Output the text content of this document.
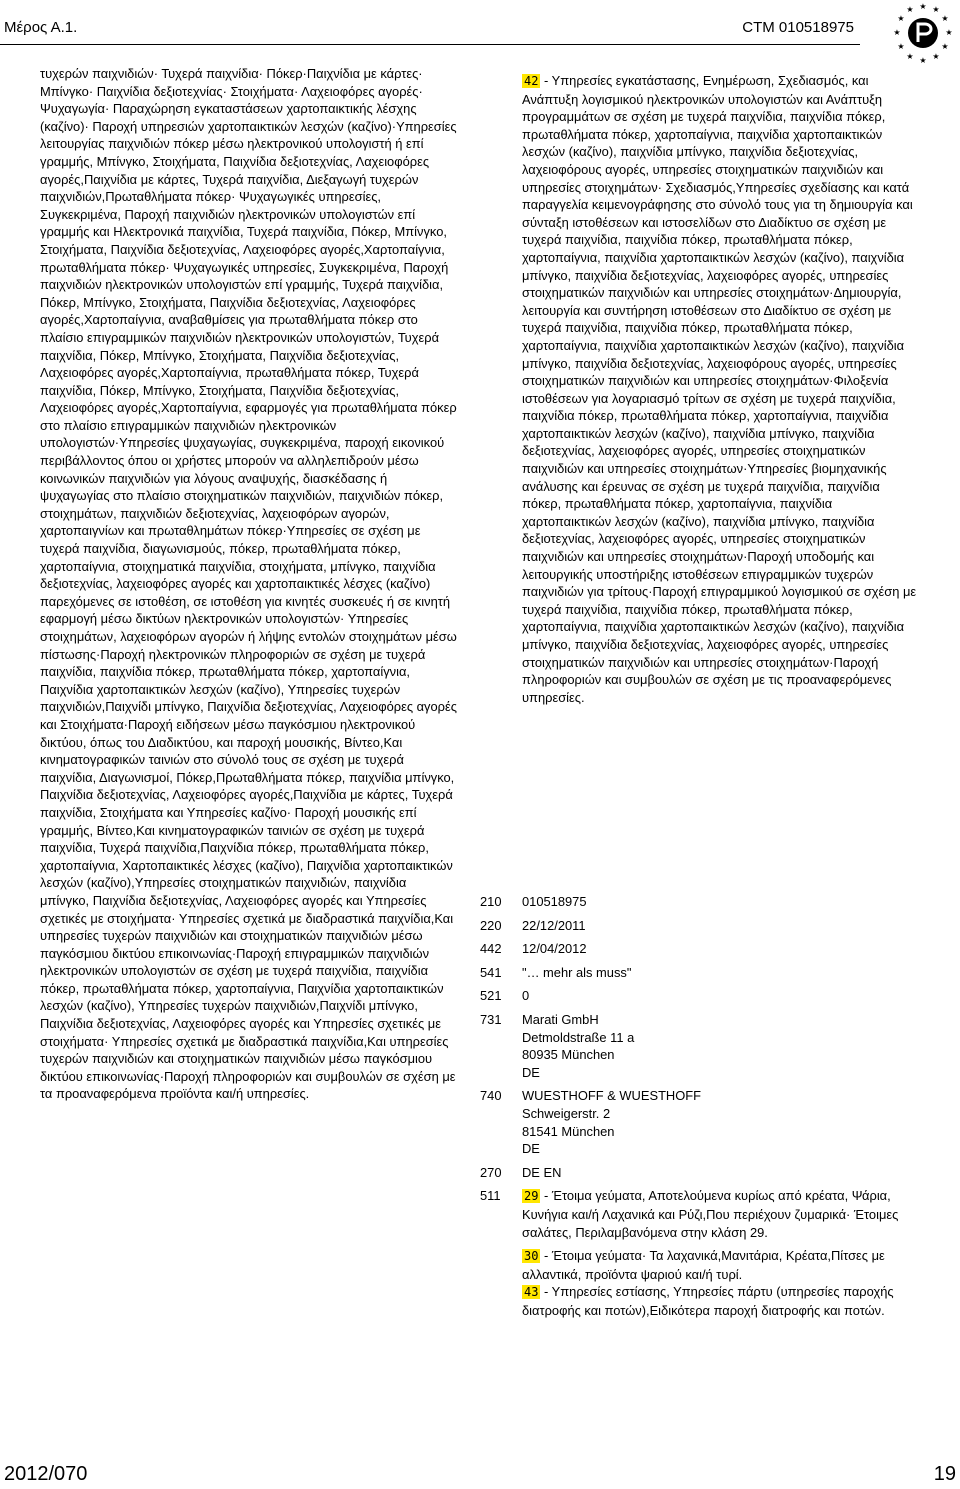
Μέρος Α.1.	CTM 010518975
★ ★
★
★
★
★
★
★
★
★
★
★

τυχερών παιχνιδιών· Τυχερά παιχνίδια· Πόκερ·Παιχνίδια με κάρτες· Μπίνγκο· Παιχνίδια δεξιοτεχνίας· Στοιχήματα· Λαχειοφόρες αγορές· Ψυχαγωγία· Παραχώρηση εγκαταστάσεων χαρτοπαικτικής λέσχης (καζίνο)· Παροχή υπηρεσιών χαρτοπαικτικών λεσχών (καζίνο)·Υπηρεσίες λειτουργίας παιχνιδιών πόκερ μέσω ηλεκτρονικού υπολογιστή ή επί γραμμής, Μπίνγκο, Στοιχήματα, Παιχνίδια δεξιοτεχνίας, Λαχειοφόρες αγορές,Παιχνίδια με κάρτες, Τυχερά παιχνίδια, Διεξαγωγή τυχερών παιχνιδιών,Πρωταθλήματα πόκερ· Ψυχαγωγικές υπηρεσίες, Συγκεκριμένα, Παροχή παιχνιδιών ηλεκτρονικών υπολογιστών επί γραμμής και Ηλεκτρονικά παιχνίδια, Τυχερά παιχνίδια, Πόκερ, Μπίνγκο, Στοιχήματα, Παιχνίδια δεξιοτεχνίας, Λαχειοφόρες αγορές,Χαρτοπαίγνια, πρωταθλήματα πόκερ· Ψυχαγωγικές υπηρεσίες, Συγκεκριμένα, Παροχή παιχνιδιών ηλεκτρονικών υπολογιστών επί γραμμής, Τυχερά παιχνίδια, Πόκερ, Μπίνγκο, Στοιχήματα, Παιχνίδια δεξιοτεχνίας, Λαχειοφόρες αγορές,Χαρτοπαίγνια, αναβαθμίσεις για πρωταθλήματα πόκερ στο πλαίσιο επιγραμμικών παιχνιδιών ηλεκτρονικών υπολογιστών, Τυχερά παιχνίδια, Πόκερ, Μπίνγκο, Στοιχήματα, Παιχνίδια δεξιοτεχνίας, Λαχειοφόρες αγορές,Χαρτοπαίγνια, πρωταθλήματα πόκερ, Τυχερά παιχνίδια, Πόκερ, Μπίνγκο, Στοιχήματα, Παιχνίδια δεξιοτεχνίας, Λαχειοφόρες αγορές,Χαρτοπαίγνια, εφαρμογές για πρωταθλήματα πόκερ στο πλαίσιο επιγραμμικών παιχνιδιών ηλεκτρονικών υπολογιστών·Υπηρεσίες ψυχαγωγίας, συγκεκριμένα, παροχή εικονικού περιβάλλοντος όπου οι χρήστες μπορούν να αλληλεπιδρούν μέσω κοινωνικών παιχνιδιών για λόγους αναψυχής, διασκέδασης ή ψυχαγωγίας στο πλαίσιο στοιχηματικών παιχνιδιών, παιχνιδιών πόκερ, στοιχημάτων, παιχνιδιών δεξιοτεχνίας, λαχειοφόρων αγορών, χαρτοπαιγνίων και πρωταθλημάτων πόκερ·Υπηρεσίες σε σχέση με τυχερά παιχνίδια, διαγωνισμούς, πόκερ, πρωταθλήματα πόκερ, χαρτοπαίγνια, στοιχηματικά παιχνίδια, στοιχήματα, μπίνγκο, παιχνίδια δεξιοτεχνίας, λαχειοφόρες αγορές και χαρτοπαικτικές λέσχες (καζίνο) παρεχόμενες σε ιστοθέση, σε ιστοθέση για κινητές συσκευές ή σε κινητή εφαρμογή μέσω δικτύων ηλεκτρονικών υπολογιστών· Υπηρεσίες στοιχημάτων, λαχειοφόρων αγορών ή λήψης εντολών στοιχημάτων μέσω πίστωσης·Παροχή ηλεκτρονικών πληροφοριών σε σχέση με τυχερά παιχνίδια, παιχνίδια πόκερ, πρωταθλήματα πόκερ, χαρτοπαίγνια, Παιχνίδια χαρτοπαικτικών λεσχών (καζίνο), Υπηρεσίες τυχερών παιχνιδιών,Παιχνίδι μπίνγκο, Παιχνίδια δεξιοτεχνίας, Λαχειοφόρες αγορές και Στοιχήματα·Παροχή ειδήσεων μέσω παγκόσμιου ηλεκτρονικού δικτύου, όπως του Διαδικτύου, και παροχή μουσικής, Βίντεο,Και κινηματογραφικών ταινιών στο σύνολό τους σε σχέση με τυχερά παιχνίδια, Διαγωνισμοί, Πόκερ,Πρωταθλήματα πόκερ, παιχνίδια μπίνγκο, Παιχνίδια δεξιοτεχνίας, Λαχειοφόρες αγορές,Παιχνίδια με κάρτες, Τυχερά παιχνίδια, Στοιχήματα και Υπηρεσίες καζίνο· Παροχή μουσικής επί γραμμής, Βίντεο,Και κινηματογραφικών ταινιών σε σχέση με τυχερά παιχνίδια, Τυχερά παιχνίδια,Παιχνίδια πόκερ, πρωταθλήματα πόκερ, χαρτοπαίγνια, Χαρτοπαικτικές λέσχες (καζίνο), Παιχνίδια χαρτοπαικτικών λεσχών (καζίνο),Υπηρεσίες στοιχηματικών παιχνιδιών, παιχνίδια μπίνγκο, Παιχνίδια δεξιοτεχνίας, Λαχειοφόρες αγορές και Υπηρεσίες σχετικές με στοιχήματα· Υπηρεσίες σχετικά με διαδραστικά παιχνίδια,Και υπηρεσίες τυχερών παιχνιδιών και στοιχηματικών παιχνιδιών μέσω παγκόσμιου δικτύου επικοινωνίας·Παροχή επιγραμμικών παιχνιδιών ηλεκτρονικών υπολογιστών σε σχέση με τυχερά παιχνίδια, παιχνίδια πόκερ, πρωταθλήματα πόκερ, χαρτοπαίγνια, Παιχνίδια χαρτοπαικτικών λεσχών (καζίνο), Υπηρεσίες τυχερών παιχνιδιών,Παιχνίδι μπίνγκο, Παιχνίδια δεξιοτεχνίας, Λαχειοφόρες αγορές και Υπηρεσίες σχετικές με στοιχήματα· Υπηρεσίες σχετικά με διαδραστικά παιχνίδια,Και υπηρεσίες τυχερών παιχνιδιών και στοιχηματικών παιχνιδιών μέσω παγκόσμιου δικτύου επικοινωνίας·Παροχή πληροφοριών και συμβουλών σε σχέση με τα προαναφερόμενα προϊόντα και/ή υπηρεσίες.

42 - Υπηρεσίες εγκατάστασης, Ενημέρωση, Σχεδιασμός, και Ανάπτυξη λογισμικού ηλεκτρονικών υπολογιστών και Ανάπτυξη προγραμμάτων σε σχέση με τυχερά παιχνίδια, παιχνίδια πόκερ, πρωταθλήματα πόκερ, χαρτοπαίγνια, παιχνίδια χαρτοπαικτικών λεσχών (καζίνο), παιχνίδια μπίνγκο, παιχνίδια δεξιοτεχνίας, λαχειοφόρους αγορές, υπηρεσίες στοιχηματικών παιχνιδιών και υπηρεσίες στοιχημάτων· Σχεδιασμός,Υπηρεσίες σχεδίασης και κατά παραγγελία κειμενογράφησης στο σύνολό τους για τη δημιουργία και σύνταξη ιστοθέσεων και ιστοσελίδων στο Διαδίκτυο σε σχέση με τυχερά παιχνίδια, παιχνίδια πόκερ, πρωταθλήματα πόκερ, χαρτοπαίγνια, παιχνίδια χαρτοπαικτικών λεσχών (καζίνο), παιχνίδια μπίνγκο, παιχνίδια δεξιοτεχνίας, λαχειοφόρες αγορές, υπηρεσίες στοιχηματικών παιχνιδιών και υπηρεσίες στοιχημάτων·Δημιουργία, λειτουργία και συντήρηση ιστοθέσεων στο Διαδίκτυο σε σχέση με τυχερά παιχνίδια, παιχνίδια πόκερ, πρωταθλήματα πόκερ, χαρτοπαίγνια, παιχνίδια χαρτοπαικτικών λεσχών (καζίνο), παιχνίδια μπίνγκο, παιχνίδια δεξιοτεχνίας, λαχειοφόρους αγορές, υπηρεσίες στοιχηματικών παιχνιδιών και υπηρεσίες στοιχημάτων·Φιλοξενία ιστοθέσεων για λογαριασμό τρίτων σε σχέση με τυχερά παιχνίδια, παιχνίδια πόκερ, πρωταθλήματα πόκερ, χαρτοπαίγνια, παιχνίδια χαρτοπαικτικών λεσχών (καζίνο), παιχνίδια μπίνγκο, παιχνίδια δεξιοτεχνίας, λαχειοφόρες αγορές, υπηρεσίες στοιχηματικών παιχνιδιών και υπηρεσίες στοιχημάτων·Υπηρεσίες βιομηχανικής ανάλυσης και έρευνας σε σχέση με τυχερά παιχνίδια, παιχνίδια πόκερ, πρωταθλήματα πόκερ, χαρτοπαίγνια, παιχνίδια χαρτοπαικτικών λεσχών (καζίνο), παιχνίδια μπίνγκο, παιχνίδια δεξιοτεχνίας, λαχειοφόρες αγορές, υπηρεσίες στοιχηματικών παιχνιδιών και υπηρεσίες στοιχημάτων·Παροχή υποδομής και λειτουργικής υποστήριξης ιστοθέσεων επιγραμμικών τυχερών παιχνιδιών για τρίτους·Παροχή επιγραμμικού λογισμικού σε σχέση με τυχερά παιχνίδια, παιχνίδια πόκερ, πρωταθλήματα πόκερ, χαρτοπαίγνια, παιχνίδια χαρτοπαικτικών λεσχών (καζίνο), παιχνίδια μπίνγκο, παιχνίδια δεξιοτεχνίας, λαχειοφόρες αγορές, υπηρεσίες στοιχηματικών παιχνιδιών και υπηρεσίες στοιχημάτων·Παροχή πληροφοριών και συμβουλών σε σχέση με τις προαναφερόμενες υπηρεσίες.

210	010518975
220	22/12/2011
442	12/04/2012
541	"… mehr als muss"
521	0
731	Marati GmbH
Detmoldstraße 11 a
80935 München
DE
740	WUESTHOFF & WUESTHOFF
Schweigerstr. 2
81541 München
DE
270	DE EN
511	29 - Έτοιμα γεύματα, Αποτελούμενα κυρίως από κρέατα, Ψάρια, Κυνήγια και/ή Λαχανικά και Ρύζι,Που περιέχουν ζυμαρικά· Έτοιμες σαλάτες, Περιλαμβανόμενα στην κλάση 29.

30 - Έτοιμα γεύματα· Τα λαχανικά,Μανιτάρια, Κρέατα,Πίτσες με αλλαντικά, προϊόντα ψαριού και/ή τυρί.

43 - Υπηρεσίες εστίασης, Υπηρεσίες πάρτυ (υπηρεσίες παροχής διατροφής και ποτών),Ειδικότερα παροχή διατροφής και ποτών.

2012/070	19
